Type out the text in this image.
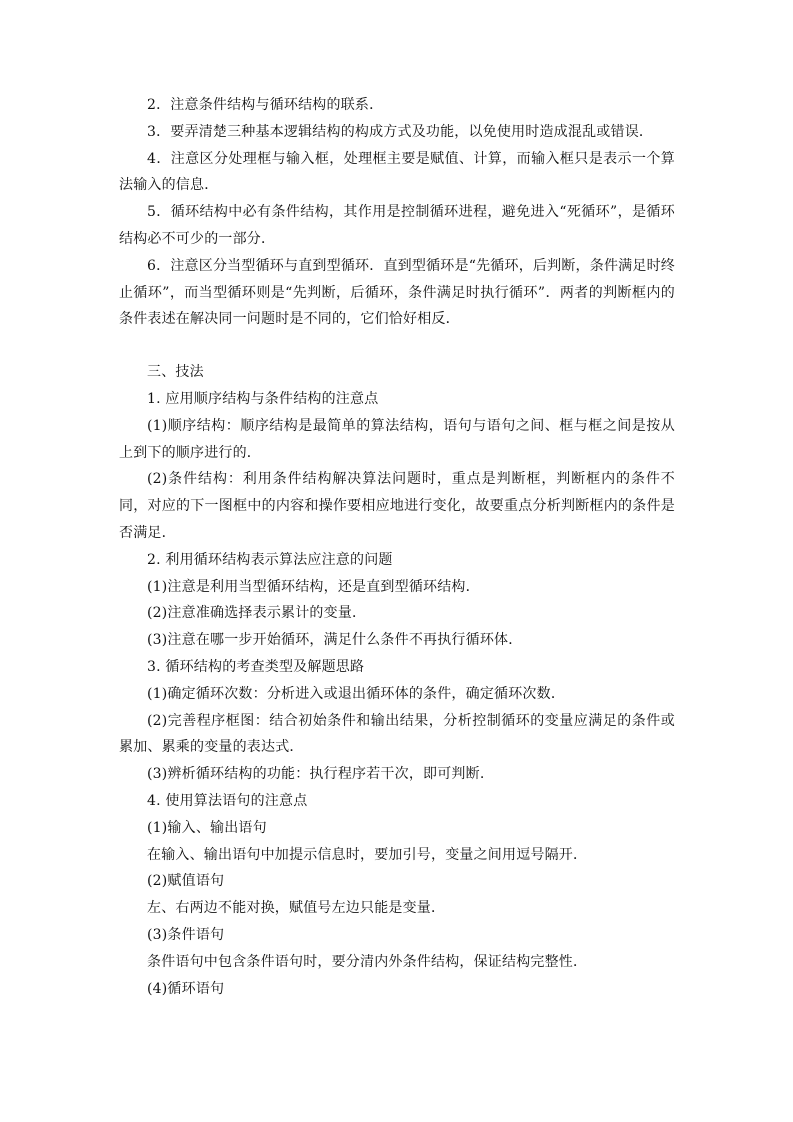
2．注意条件结构与循环结构的联系．

3．要弄清楚三种基本逻辑结构的构成方式及功能，以免使用时造成混乱或错误．

4．注意区分处理框与输入框，处理框主要是赋值、计算，而输入框只是表示一个算法输入的信息．

5．循环结构中必有条件结构，其作用是控制循环进程，避免进入“死循环”，是循环结构必不可少的一部分．

6．注意区分当型循环与直到型循环．直到型循环是“先循环，后判断，条件满足时终止循环”，而当型循环则是“先判断，后循环，条件满足时执行循环”．两者的判断框内的条件表述在解决同一问题时是不同的，它们恰好相反．

三、技法

1. 应用顺序结构与条件结构的注意点

(1)顺序结构：顺序结构是最简单的算法结构，语句与语句之间、框与框之间是按从上到下的顺序进行的．

(2)条件结构：利用条件结构解决算法问题时，重点是判断框，判断框内的条件不同，对应的下一图框中的内容和操作要相应地进行变化，故要重点分析判断框内的条件是否满足．

2. 利用循环结构表示算法应注意的问题

(1)注意是利用当型循环结构，还是直到型循环结构．

(2)注意准确选择表示累计的变量．

(3)注意在哪一步开始循环，满足什么条件不再执行循环体．

3. 循环结构的考查类型及解题思路

(1)确定循环次数：分析进入或退出循环体的条件，确定循环次数．

(2)完善程序框图：结合初始条件和输出结果，分析控制循环的变量应满足的条件或累加、累乘的变量的表达式．

(3)辨析循环结构的功能：执行程序若干次，即可判断.

4. 使用算法语句的注意点

(1)输入、输出语句

在输入、输出语句中加提示信息时，要加引号，变量之间用逗号隔开．

(2)赋值语句

左、右两边不能对换，赋值号左边只能是变量．

(3)条件语句

条件语句中包含条件语句时，要分清内外条件结构，保证结构完整性．

(4)循环语句
